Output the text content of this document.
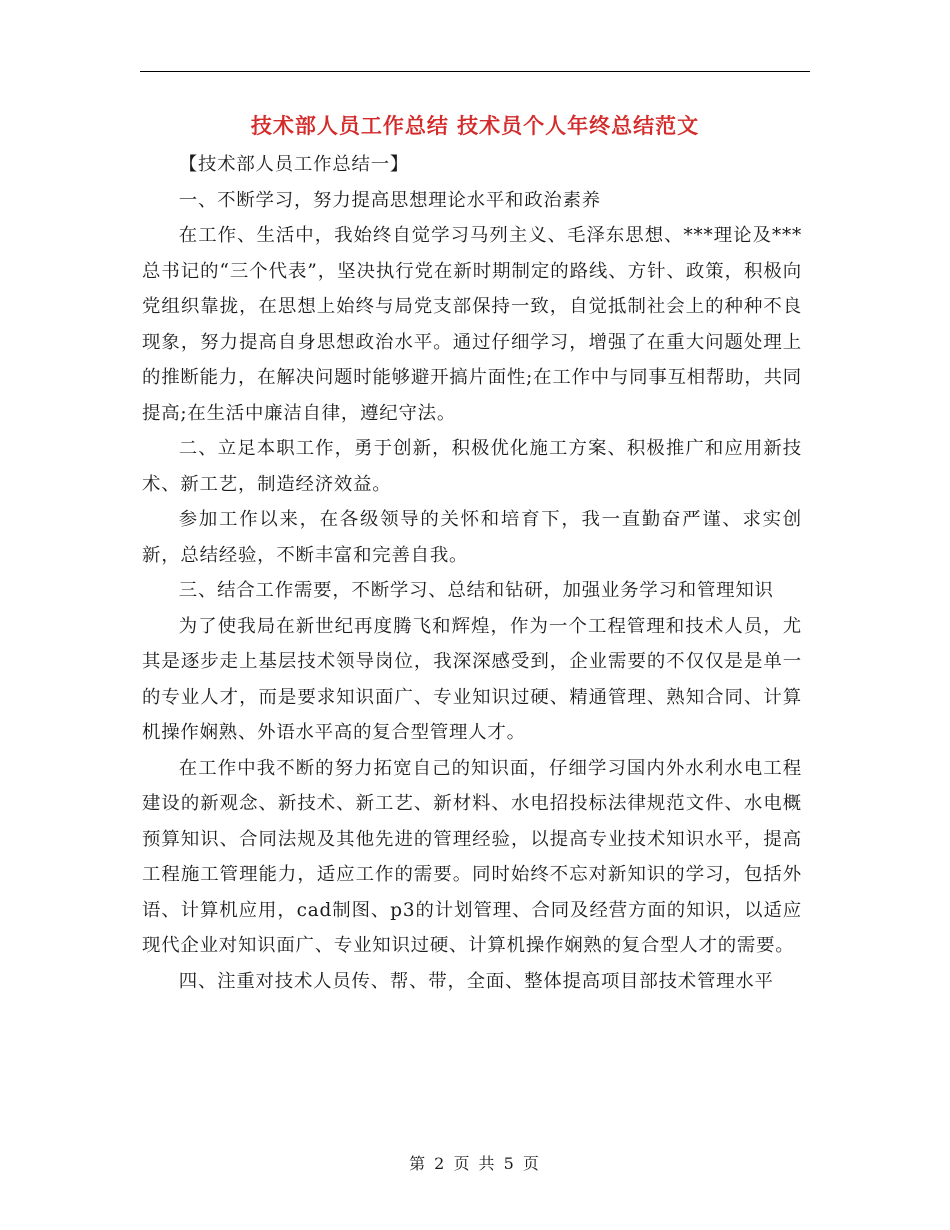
技术部人员工作总结 技术员个人年终总结范文

【技术部人员工作总结一】

一、不断学习，努力提高思想理论水平和政治素养

在工作、生活中，我始终自觉学习马列主义、毛泽东思想、***理论及***总书记的“三个代表”，坚决执行党在新时期制定的路线、方针、政策，积极向党组织靠拢，在思想上始终与局党支部保持一致，自觉抵制社会上的种种不良现象，努力提高自身思想政治水平。通过仔细学习，增强了在重大问题处理上的推断能力，在解决问题时能够避开搞片面性;在工作中与同事互相帮助，共同提高;在生活中廉洁自律，遵纪守法。

二、立足本职工作，勇于创新，积极优化施工方案、积极推广和应用新技术、新工艺，制造经济效益。

参加工作以来，在各级领导的关怀和培育下，我一直勤奋严谨、求实创新，总结经验，不断丰富和完善自我。

三、结合工作需要，不断学习、总结和钻研，加强业务学习和管理知识

为了使我局在新世纪再度腾飞和辉煌，作为一个工程管理和技术人员，尤其是逐步走上基层技术领导岗位，我深深感受到，企业需要的不仅仅是是单一的专业人才，而是要求知识面广、专业知识过硬、精通管理、熟知合同、计算机操作娴熟、外语水平高的复合型管理人才。

在工作中我不断的努力拓宽自己的知识面，仔细学习国内外水利水电工程建设的新观念、新技术、新工艺、新材料、水电招投标法律规范文件、水电概预算知识、合同法规及其他先进的管理经验，以提高专业技术知识水平，提高工程施工管理能力，适应工作的需要。同时始终不忘对新知识的学习，包括外语、计算机应用，cad制图、p3的计划管理、合同及经营方面的知识，以适应现代企业对知识面广、专业知识过硬、计算机操作娴熟的复合型人才的需要。

四、注重对技术人员传、帮、带，全面、整体提高项目部技术管理水平

第 2 页 共 5 页
